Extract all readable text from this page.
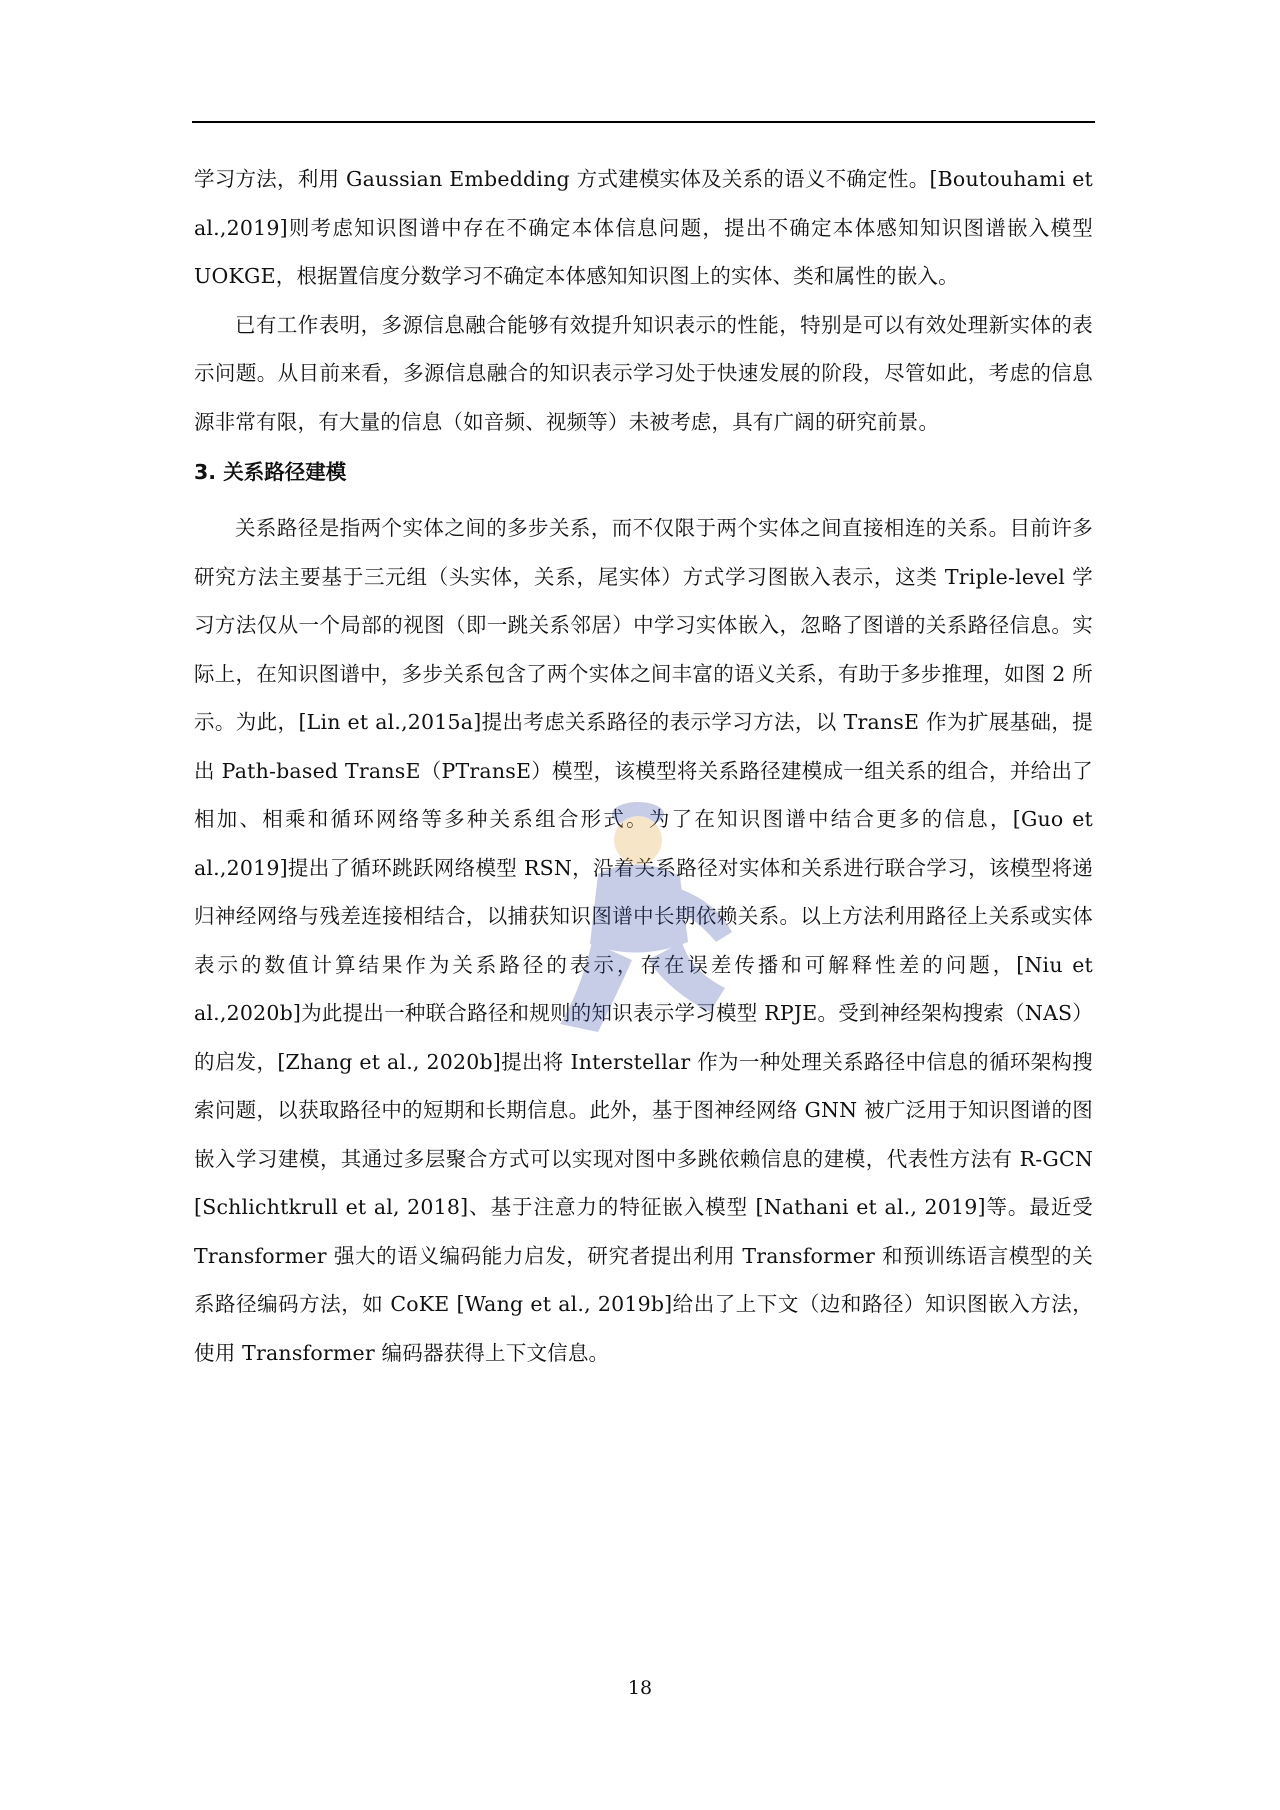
学习方法，利用 Gaussian Embedding 方式建模实体及关系的语义不确定性。[Boutouhami et al.,2019]则考虑知识图谱中存在不确定本体信息问题，提出不确定本体感知知识图谱嵌入模型 UOKGE，根据置信度分数学习不确定本体感知知识图上的实体、类和属性的嵌入。

已有工作表明，多源信息融合能够有效提升知识表示的性能，特别是可以有效处理新实体的表示问题。从目前来看，多源信息融合的知识表示学习处于快速发展的阶段，尽管如此，考虑的信息源非常有限，有大量的信息（如音频、视频等）未被考虑，具有广阔的研究前景。

3. 关系路径建模

关系路径是指两个实体之间的多步关系，而不仅限于两个实体之间直接相连的关系。目前许多研究方法主要基于三元组（头实体，关系，尾实体）方式学习图嵌入表示，这类 Triple-level 学习方法仅从一个局部的视图（即一跳关系邻居）中学习实体嵌入，忽略了图谱的关系路径信息。实际上，在知识图谱中，多步关系包含了两个实体之间丰富的语义关系，有助于多步推理，如图 2 所示。为此，[Lin et al.,2015a]提出考虑关系路径的表示学习方法，以 TransE 作为扩展基础，提出 Path-based TransE（PTransE）模型，该模型将关系路径建模成一组关系的组合，并给出了相加、相乘和循环网络等多种关系组合形式。为了在知识图谱中结合更多的信息，[Guo et al.,2019]提出了循环跳跃网络模型 RSN，沿着关系路径对实体和关系进行联合学习，该模型将递归神经网络与残差连接相结合，以捕获知识图谱中长期依赖关系。以上方法利用路径上关系或实体表示的数值计算结果作为关系路径的表示，存在误差传播和可解释性差的问题，[Niu et al.,2020b]为此提出一种联合路径和规则的知识表示学习模型 RPJE。受到神经架构搜索（NAS）的启发，[Zhang et al., 2020b]提出将 Interstellar 作为一种处理关系路径中信息的循环架构搜索问题，以获取路径中的短期和长期信息。此外，基于图神经网络 GNN 被广泛用于知识图谱的图嵌入学习建模，其通过多层聚合方式可以实现对图中多跳依赖信息的建模，代表性方法有 R-GCN [Schlichtkrull et al, 2018]、基于注意力的特征嵌入模型 [Nathani et al., 2019]等。最近受 Transformer 强大的语义编码能力启发，研究者提出利用 Transformer 和预训练语言模型的关系路径编码方法，如 CoKE [Wang et al., 2019b]给出了上下文（边和路径）知识图嵌入方法，使用 Transformer 编码器获得上下文信息。

18
